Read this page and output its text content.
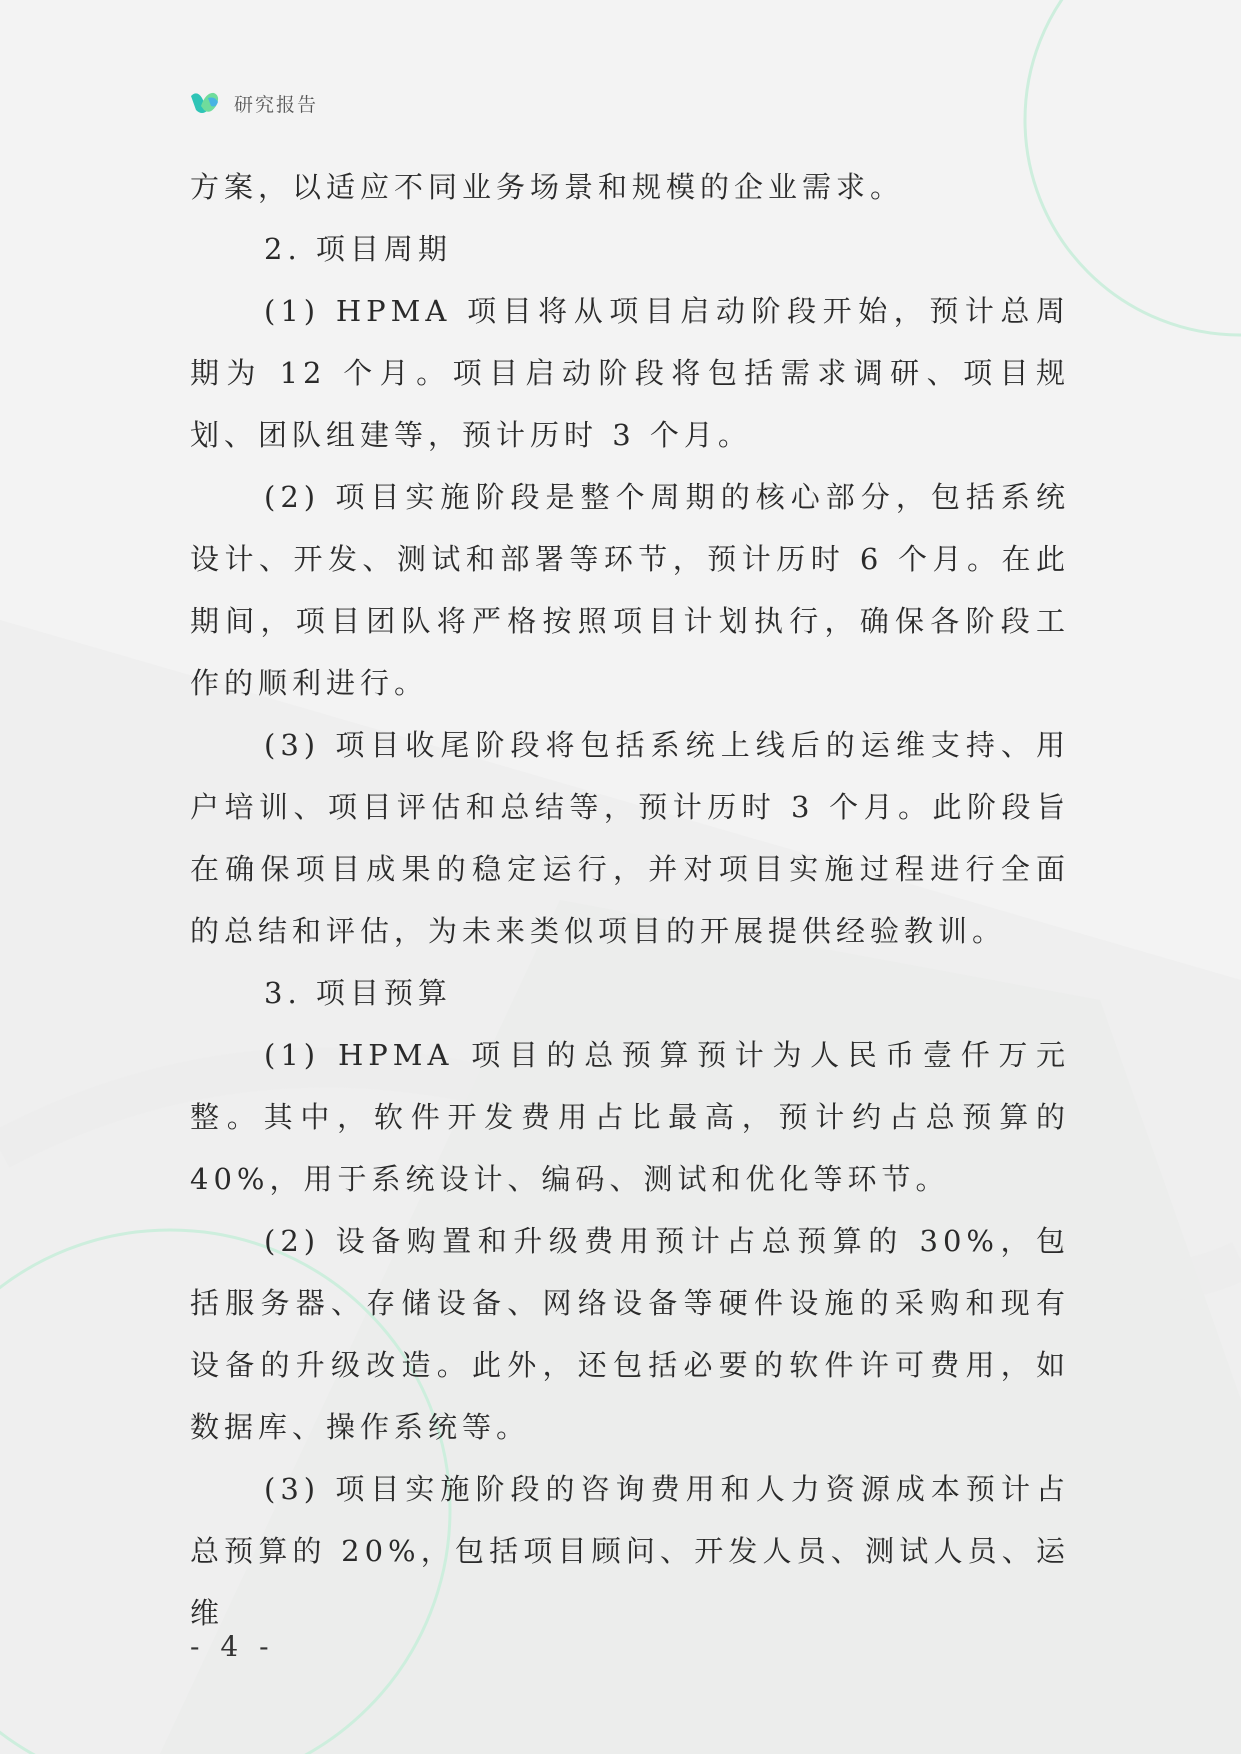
研究报告

方案，以适应不同业务场景和规模的企业需求。

2. 项目周期

(1) HPMA 项目将从项目启动阶段开始，预计总周期为 12 个月。项目启动阶段将包括需求调研、项目规划、团队组建等，预计历时 3 个月。

(2) 项目实施阶段是整个周期的核心部分，包括系统设计、开发、测试和部署等环节，预计历时 6 个月。在此期间，项目团队将严格按照项目计划执行，确保各阶段工作的顺利进行。

(3) 项目收尾阶段将包括系统上线后的运维支持、用户培训、项目评估和总结等，预计历时 3 个月。此阶段旨在确保项目成果的稳定运行，并对项目实施过程进行全面的总结和评估，为未来类似项目的开展提供经验教训。

3. 项目预算

(1) HPMA 项目的总预算预计为人民币壹仟万元整。其中，软件开发费用占比最高，预计约占总预算的 40%，用于系统设计、编码、测试和优化等环节。

(2) 设备购置和升级费用预计占总预算的 30%，包括服务器、存储设备、网络设备等硬件设施的采购和现有设备的升级改造。此外，还包括必要的软件许可费用，如数据库、操作系统等。

(3) 项目实施阶段的咨询费用和人力资源成本预计占总预算的 20%，包括项目顾问、开发人员、测试人员、运维

- 4 -
